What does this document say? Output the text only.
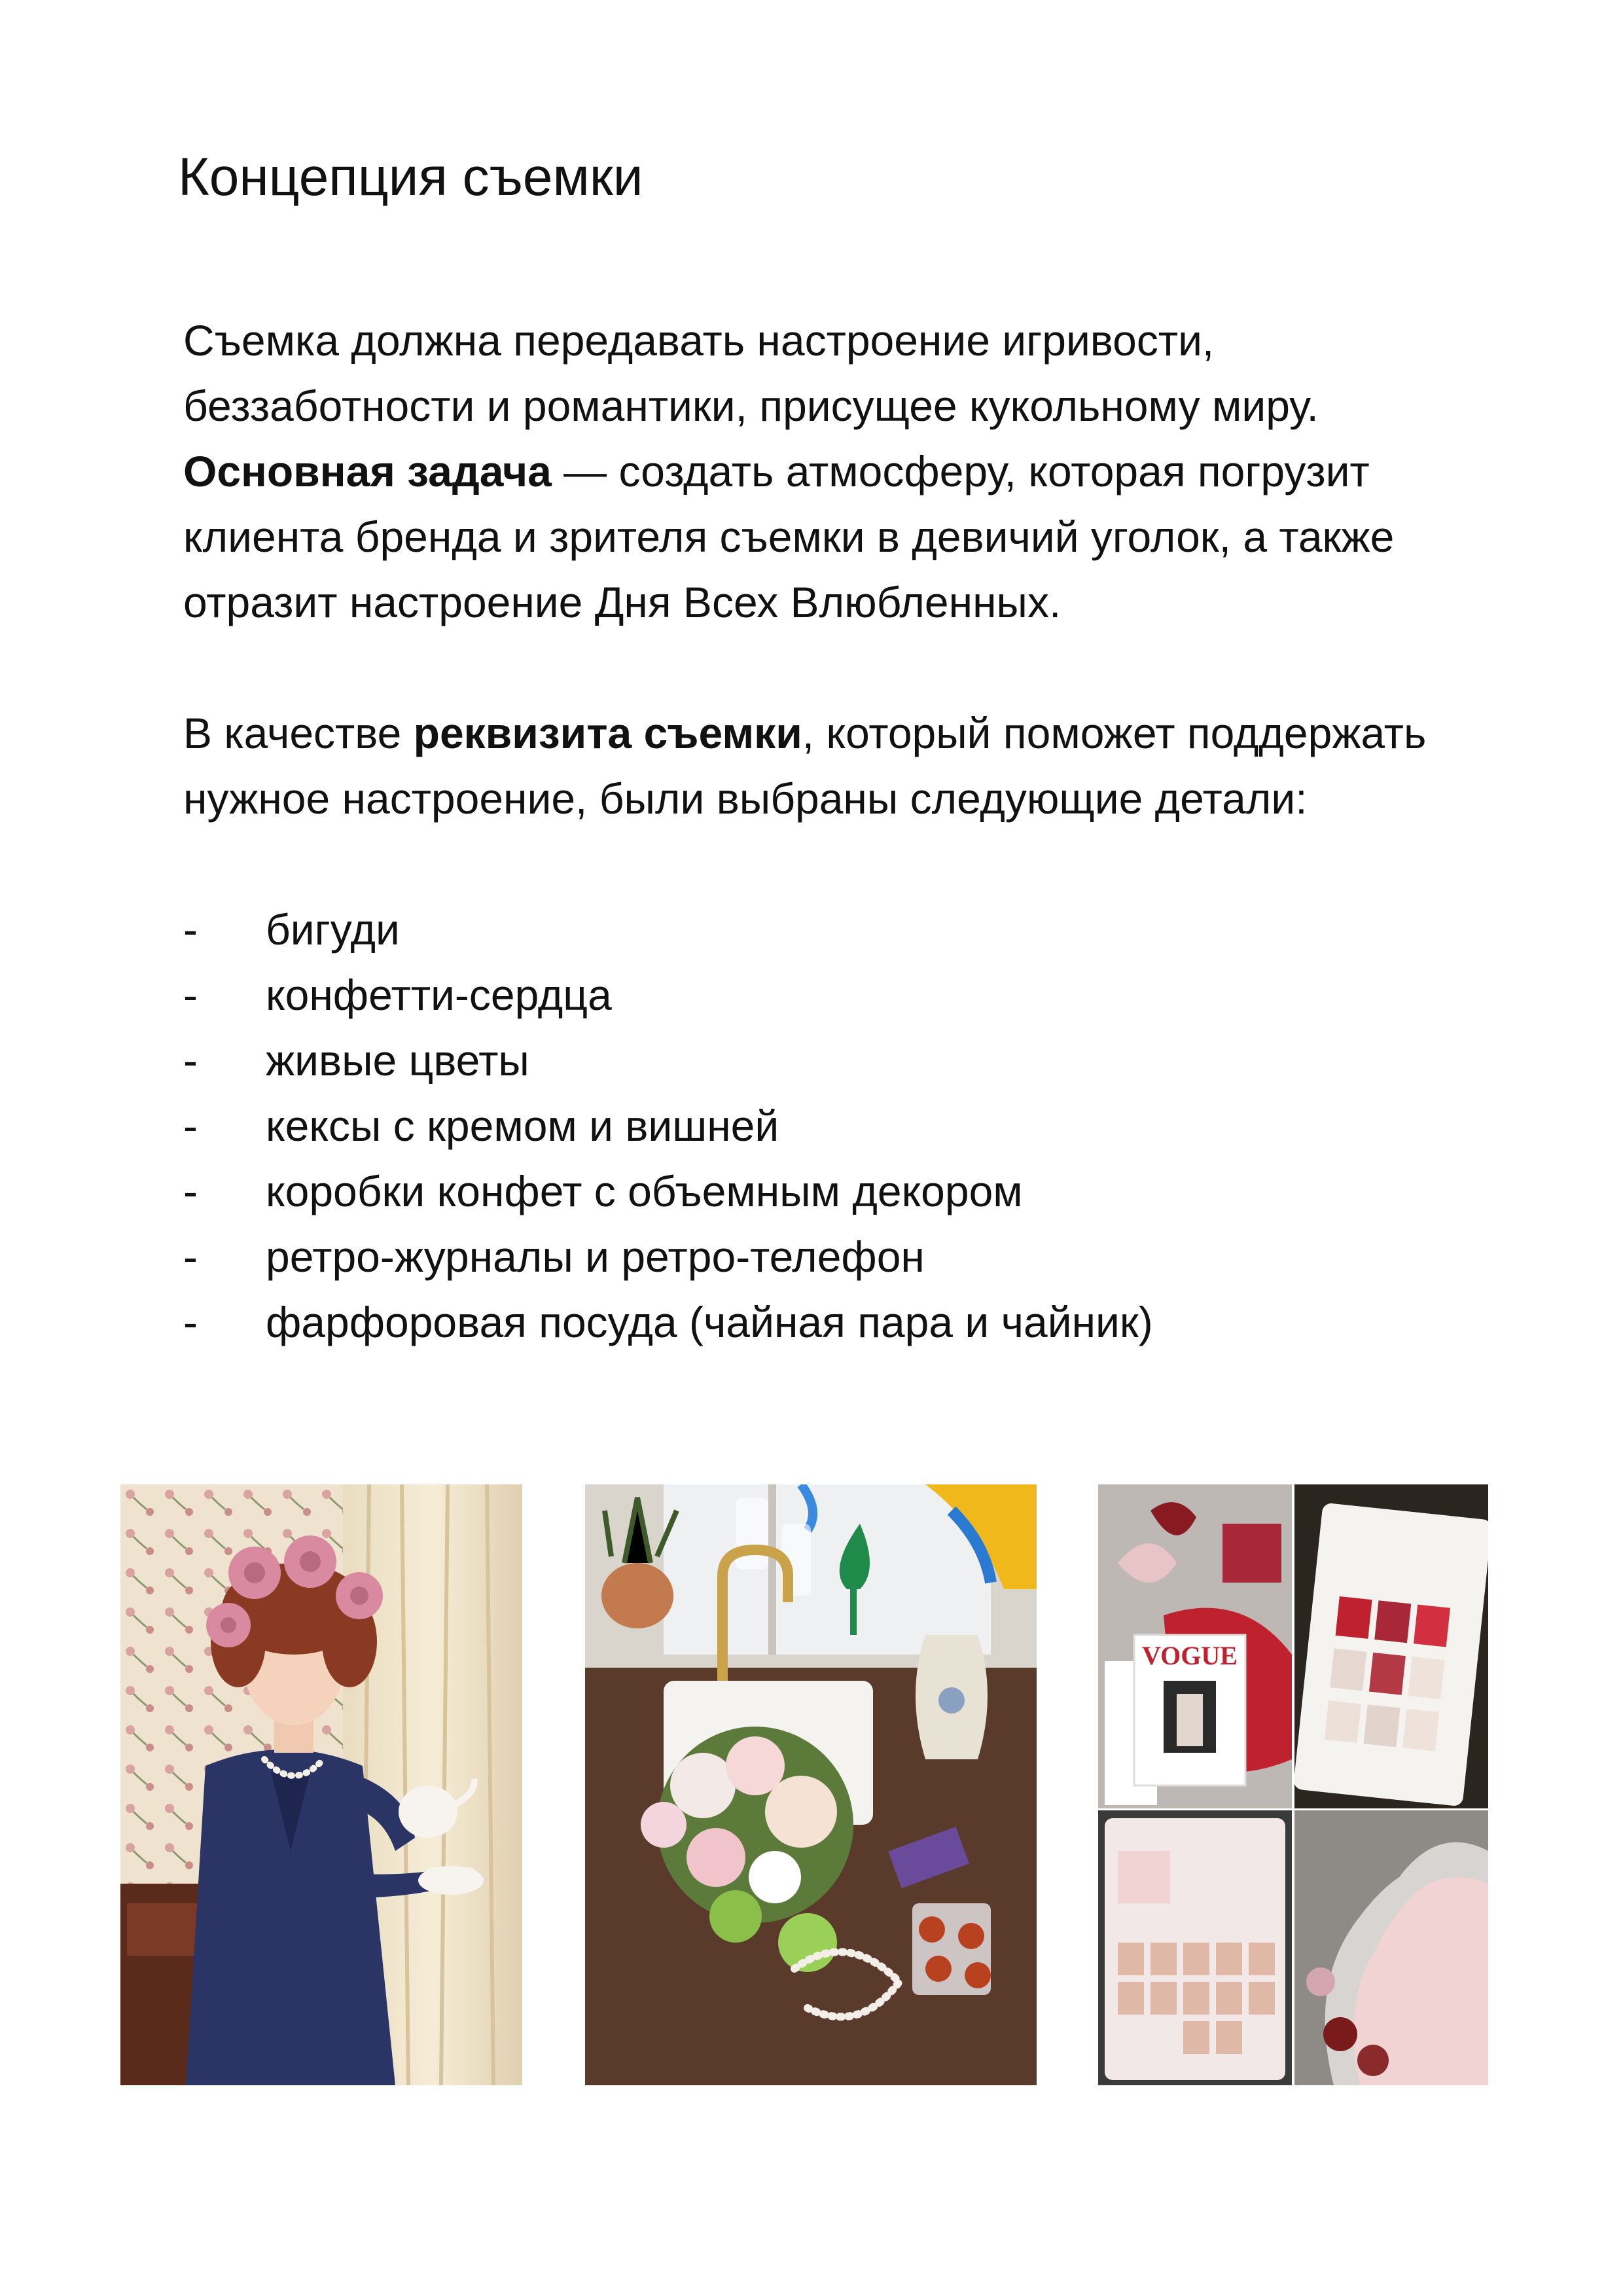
Концепция съемки

Съемка должна передавать настроение игривости,
беззаботности и романтики, присущее кукольному миру.
Основная задача — создать атмосферу, которая погрузит клиента бренда и зрителя съемки в девичий уголок, а также отразит настроение Дня Всех Влюбленных.

В качестве реквизита съемки, который поможет поддержать нужное настроение, были выбраны следующие детали:

- бигуди
- конфетти-сердца
- живые цветы
- кексы с кремом и вишней
- коробки конфет с объемным декором
- ретро-журналы и ретро-телефон
- фарфоровая посуда (чайная пара и чайник)
VOGUE
